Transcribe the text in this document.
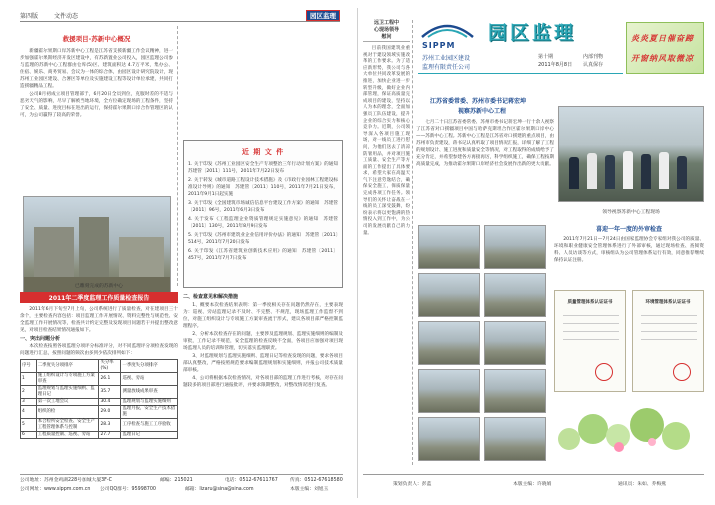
第四版	文件动态	园区监理
救援项目-苏新中心概况

新疆霍尔果斯口岸苏新中心工程是江苏省支援新疆工作会议精神，进一步加强霍尔果斯经济开发区建设中，有苏新置业公司投入，园区监理公司参与监理的苏新中心工程群由仓库(5)区、建筑面积达 4.7万平米，集办公、住宿、娱乐、商务贸易、会议为一体的综合体，由园区设计研究院设计，现苏州工业园区建设、合署区等单位及实施建设工程等设计单位承建，共同打造援疆精品工程。

公司8月初成立项目管理部于，6月20日全员到位，克服时差的不适与恶劣天气的影响，尽早了解被当地环境，全方位确定现场的工程条件，坚持了安全、质量、进度目标在进出的运行，保持霍尔果斯口岸合作管理区的认可，为公司赢得了较高的荣誉。

已雕刻完成的苏新中心
2011年二季度监理工作质量检查报告

2011年6月下旬至7月上旬，公司系统进行了质量检查，对在建项目三十余个，主要检查内容包括：项目监理工作开展情况、资料完整性与规范性、安全监理工作开展情况等，检查共计约定完整及发现项目问题若干并提出整改意见，对项目检查结果情况通报如下。

一、突出问题分析

本次检查按照各项监理分项评分标准评分，对不同监理评分项检查发现的问题进行汇总，按照问题的频次由多到少依次排列如下：

序号	二季度失分项排序	失分率(%)	一季度失分项排序
1	施工组织设计与专项施工方案审查	26.1	巡视、旁站
2	监理规划与监理实施细则、监理日记	35.7	测量放线成果审查
3	第一次工地会议	30.4	监理规划与监理实施细则
4	组织的检	29.0	监理月报，安全生产技术措施
5	本合检所安全检查、安全生产工程管理体系与控制	28.3	工序检查与施工工序验收
6	工程质量控制、巡视、旁站	27.7	监理日记
近 期 文 件
1. 关于印发《苏州工业园区安全生产专项整治三年行动计划方案》的通知　苏建管〔2011〕111号，2011年7月22日发布
2. 关于转发《城市道路工程设计技术措施》及《市政行业园林工程建设标准设计导则》的通知　苏建管〔2011〕110号，2011年7月21日发布，2011年9月1日起实施
3. 关于印发《全国建筑市场诚信信息平台建设工作方案》的通知　苏建管〔2011〕96号，2011年6月3日发布
4. 关于发布《工程监理企业资质管理规定实施意见》的通知　苏建管〔2011〕130号，2011年8月9日发布
5. 关于印发《苏州市建筑业企业信用评价办法》的通知　苏建管〔2011〕514号，2011年7月20日发布
6. 关于印发《江苏省建筑业创新技术应用》的通知　苏建管〔2011〕457号，2011年7月7日发布
二、检查意见和解决措施

1、概要本次检查结果表明：第一季度相关存在问题仍然存在，主要表现为：巡视、旁站监理记录不及时、不完整、不规范，现场监理工作监督不到位，对施工组织设计与专项施工方案审查流于形式，建议各项目部严格控制监理程序。

2、分析本次检查存在的问题，主要涉及监理规划、监理实施细则的编制及审批，工作记录不规范，安全监理的检查反映不全面，各项目应加强对项目现场监理人员的培训和管理，切实落实监理职责。

3、对监理规划与监理实施细则、监理日记等检查发现的问题，要求各项目部认真整改，严格按照规范要求编制监理规划和实施细则，并报公司技术质量部审核。

4、公司将根据本次检查情况，对各项目部的监理工作进行考核，对存在问题较多的项目部进行通报批评，并要求限期整改，对整改情况进行复查。

公司地址：苏州金鸡湖228号加城大厦3F-C	邮编：215021	电话：0512-67611767	传真：0512-67618580
公司网址：www.sippm.com.cn 公司QQ群号：95998700	邮箱：lizaru@sina@sina.com	本版主编：刘旭玉
远卫工程中
心现场领导
慰问

目前我国建筑业重视对于建设领域实施改革的工作要求。为了适应新形势，我公司与各大单位共同改革发展的推进，加快企业进一步转型升级，做好企业内部管理，保证高质量完成项目的建设，坚持以人为本的理念，全面加强员工队伍建设，提升企业的综合实力和核心竞争力。近期，公司领导深入各项目施工现场，对一线员工进行慰问，为他们送去了清凉防暑用品，并对项目施工质量、安全生产等方面的工作提出了具体要求，希望大家在高温天气下注意劳逸结合，确保安全施工，保质保量完成各项工作任务。领导们的关怀让奋战在一线的员工深受鼓舞，纷纷表示将以更饱满的热情投入到工作中，为公司的发展贡献自己的力量。

SIPPM
苏州工业园区建设
监理有限责任公司
园区监理
第十期
2011年8月8日
内部刊物
认真保存
炎炎夏日催奋蹄
开窗纳风取微凉
江苏省委常委、苏州市委书记蒋宏坤
视察苏新中心工程

七月二十日江苏省委常委、苏州市委书记蒋宏坤一行十余人视察了江苏省对口援疆项目中国与哈萨克斯坦合作区霍尔果斯口岸中心——苏新中心工程。苏新中心工程是江苏省对口援建的重点项目，由苏州市负责建设，蒋书记认真听取了项目情况汇报，详细了解了工程的规划设计、施工进度和质量安全等情况，对工程取得的成绩给予了充分肯定，并希望参建各方再接再厉，科学组织施工，确保工程按期高质量完成，为推动霍尔果斯口岸经济社会发展作出新的更大贡献。

领导视察苏新中心工程现场
喜迎一年一度的外审检查

2011年7月21日—7月24日由国家监理协会专家组对我公司的质量、环境和职业健康安全管理体系进行了外部审核，通过现场检查、查阅资料、人员访谈等方式，审核组认为公司管理体系运行有效，同意推荐继续保持认证注册。

质量管理体系认证证书	环境管理体系认证证书
策划负责人：彭蓝	本版主编：许晓娟	通讯员：朱如、乔梅燕
